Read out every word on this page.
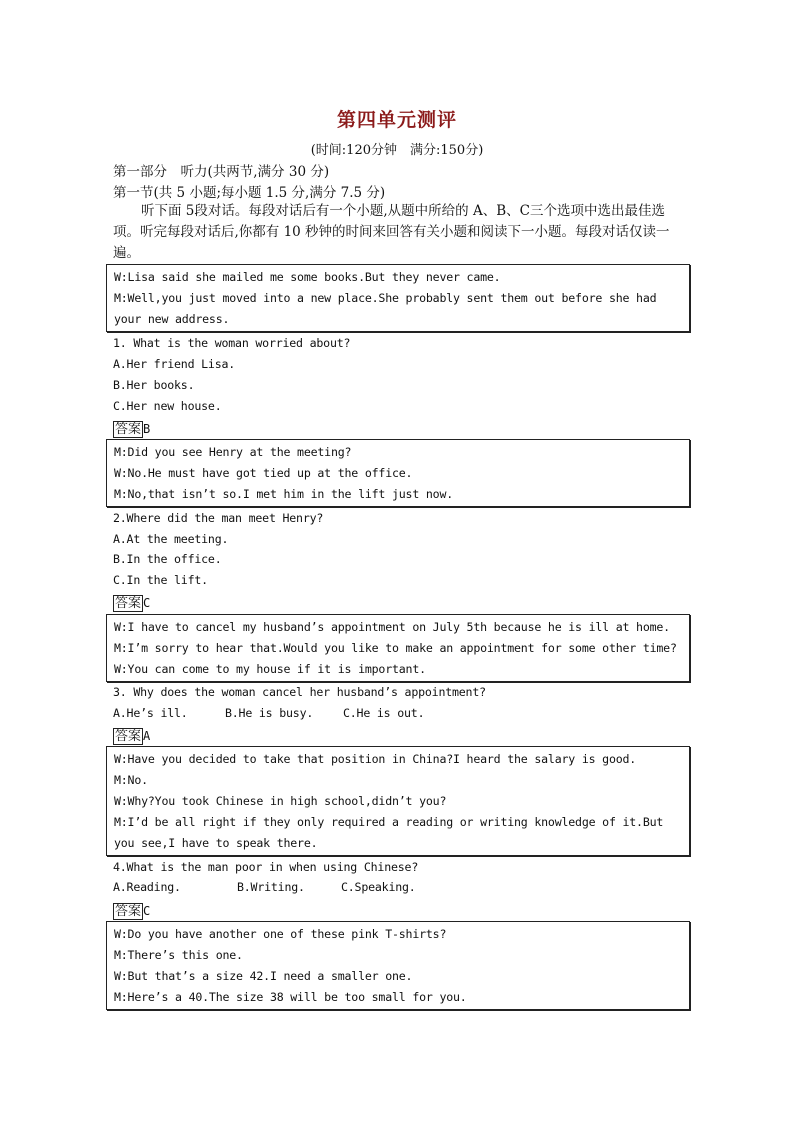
第四单元测评
(时间:120分钟　满分:150分)
第一部分　听力(共两节,满分 30 分)
第一节(共 5 小题;每小题 1.5 分,满分 7.5 分)
听下面 5段对话。每段对话后有一个小题,从题中所给的 A、B、C三个选项中选出最佳选项。听完每段对话后,你都有 10 秒钟的时间来回答有关小题和阅读下一小题。每段对话仅读一遍。
W:Lisa said she mailed me some books.But they never came.
M:Well,you just moved into a new place.She probably sent them out before she had your new address.
1. What is the woman worried about?
A.Her friend Lisa.
B.Her books.
C.Her new house.
答案 B
M:Did you see Henry at the meeting?
W:No.He must have got tied up at the office.
M:No,that isn’t so.I met him in the lift just now.
2.Where did the man meet Henry?
A.At the meeting.
B.In the office.
C.In the lift.
答案 C
W:I have to cancel my husband’s appointment on July 5th because he is ill at home.
M:I’m sorry to hear that.Would you like to make an appointment for some other time?
W:You can come to my house if it is important.
3. Why does the woman cancel her husband’s appointment?
A.He’s ill.	B.He is busy.	C.He is out.
答案 A
W:Have you decided to take that position in China?I heard the salary is good.
M:No.
W:Why?You took Chinese in high school,didn’t you?
M:I’d be all right if they only required a reading or writing knowledge of it.But you see,I have to speak there.
4.What is the man poor in when using Chinese?
A.Reading.	B.Writing.	C.Speaking.
答案 C
W:Do you have another one of these pink T-shirts?
M:There’s this one.
W:But that’s a size 42.I need a smaller one.
M:Here’s a 40.The size 38 will be too small for you.
